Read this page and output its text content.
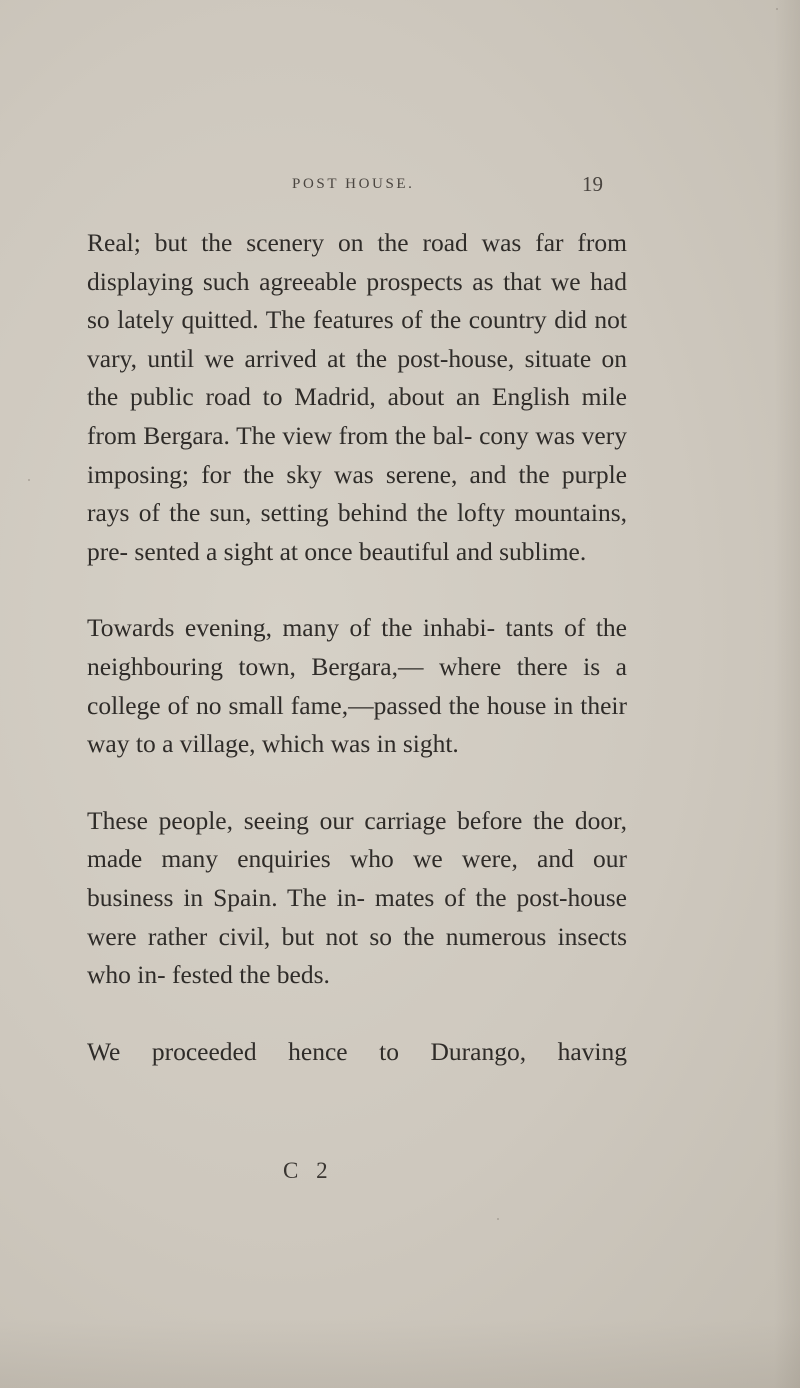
POST HOUSE.	19

Real; but the scenery on the road was far from displaying such agreeable prospects as that we had so lately quitted. The features of the country did not vary, until we arrived at the post-house, situate on the public road to Madrid, about an English mile from Bergara. The view from the bal- cony was very imposing; for the sky was serene, and the purple rays of the sun, setting behind the lofty mountains, pre- sented a sight at once beautiful and sublime.

Towards evening, many of the inhabi- tants of the neighbouring town, Bergara,— where there is a college of no small fame,—passed the house in their way to a village, which was in sight.

These people, seeing our carriage before the door, made many enquiries who we were, and our business in Spain. The in- mates of the post-house were rather civil, but not so the numerous insects who in- fested the beds.

We proceeded hence to Durango, having

C 2
